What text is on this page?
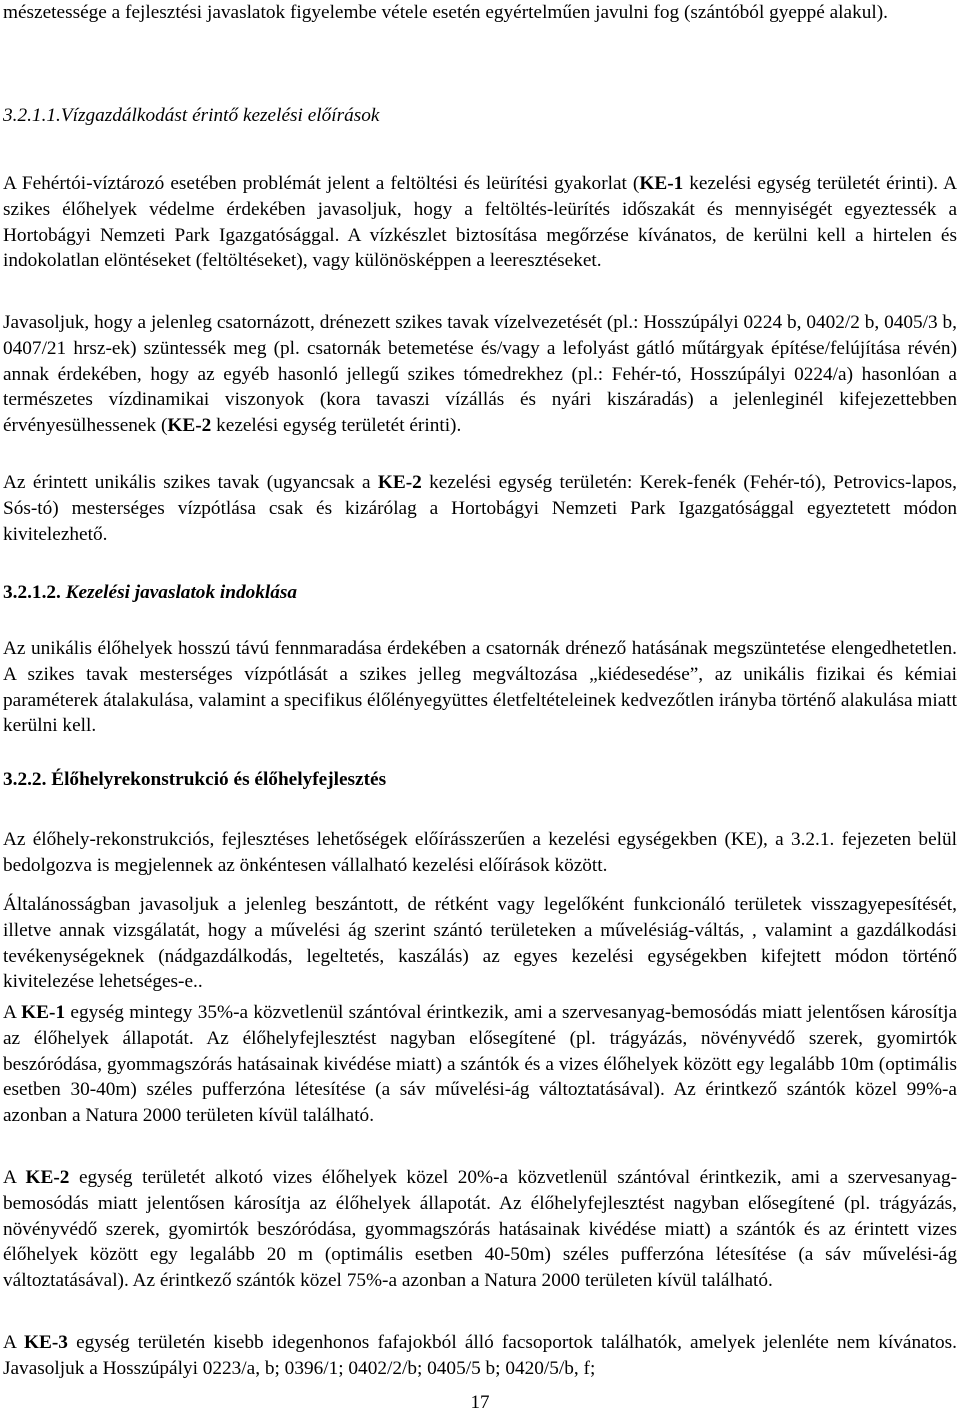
mészetessége a fejlesztési javaslatok figyelembe vétele esetén egyértelműen javulni fog (szántóból gyeppé alakul).

3.2.1.1.Vízgazdálkodást érintő kezelési előírások

A Fehértói-víztározó esetében problémát jelent a feltöltési és leürítési gyakorlat (KE-1 kezelési egység területét érinti). A szikes élőhelyek védelme érdekében javasoljuk, hogy a feltöltés-leürítés időszakát és mennyiségét egyeztessék a Hortobágyi Nemzeti Park Igazgatósággal. A vízkészlet biztosítása megőrzése kívánatos, de kerülni kell a hirtelen és indokolatlan elöntéseket (feltöltéseket), vagy különösképpen a leeresztéseket.

Javasoljuk, hogy a jelenleg csatornázott, drénezett szikes tavak vízelvezetését (pl.: Hosszúpályi 0224 b, 0402/2 b, 0405/3 b, 0407/21 hrsz-ek) szüntessék meg (pl. csatornák betemetése és/vagy a lefolyást gátló műtárgyak építése/felújítása révén) annak érdekében, hogy az egyéb hasonló jellegű szikes tómedrekhez (pl.: Fehér-tó, Hosszúpályi 0224/a) hasonlóan a természetes vízdinamikai viszonyok (kora tavaszi vízállás és nyári kiszáradás) a jelenleginél kifejezettebben érvényesülhessenek (KE-2 kezelési egység területét érinti).

Az érintett unikális szikes tavak (ugyancsak a KE-2 kezelési egység területén: Kerek-fenék (Fehér-tó), Petrovics-lapos, Sós-tó) mesterséges vízpótlása csak és kizárólag a Hortobágyi Nemzeti Park Igazgatósággal egyeztetett módon kivitelezhető.

3.2.1.2. Kezelési javaslatok indoklása

Az unikális élőhelyek hosszú távú fennmaradása érdekében a csatornák drénező hatásának megszüntetése elengedhetetlen. A szikes tavak mesterséges vízpótlását a szikes jelleg megváltozása „kiédesedése”, az unikális fizikai és kémiai paraméterek átalakulása, valamint a specifikus élőlényegyüttes életfeltételeinek kedvezőtlen irányba történő alakulása miatt kerülni kell.

3.2.2. Élőhelyrekonstrukció és élőhelyfejlesztés

Az élőhely-rekonstrukciós, fejlesztéses lehetőségek előírásszerűen a kezelési egységekben (KE), a 3.2.1. fejezeten belül bedolgozva is megjelennek az önkéntesen vállalható kezelési előírások között.

Általánosságban javasoljuk a jelenleg beszántott, de rétként vagy legelőként funkcionáló területek visszagyepesítését, illetve annak vizsgálatát, hogy a művelési ág szerint szántó területeken a művelésiág-váltás, , valamint a gazdálkodási tevékenységeknek (nádgazdálkodás, legeltetés, kaszálás) az egyes kezelési egységekben kifejtett módon történő kivitelezése lehetséges-e..

A KE-1 egység mintegy 35%-a közvetlenül szántóval érintkezik, ami a szervesanyag-bemosódás miatt jelentősen károsítja az élőhelyek állapotát. Az élőhelyfejlesztést nagyban elősegítené (pl. trágyázás, növényvédő szerek, gyomirtók beszóródása, gyommagszórás hatásainak kivédése miatt) a szántók és a vizes élőhelyek között egy legalább 10m (optimális esetben 30-40m) széles pufferzóna létesítése (a sáv művelési-ág változtatásával). Az érintkező szántók közel 99%-a azonban a Natura 2000 területen kívül található.

A KE-2 egység területét alkotó vizes élőhelyek közel 20%-a közvetlenül szántóval érintkezik, ami a szervesanyag-bemosódás miatt jelentősen károsítja az élőhelyek állapotát. Az élőhelyfejlesztést nagyban elősegítené (pl. trágyázás, növényvédő szerek, gyomirtók beszóródása, gyommagszórás hatásainak kivédése miatt) a szántók és az érintett vizes élőhelyek között egy legalább 20 m (optimális esetben 40-50m) széles pufferzóna létesítése (a sáv művelési-ág változtatásával). Az érintkező szántók közel 75%-a azonban a Natura 2000 területen kívül található.

A KE-3 egység területén kisebb idegenhonos fafajokból álló facsoportok találhatók, amelyek jelenléte nem kívánatos. Javasoljuk a Hosszúpályi 0223/a, b; 0396/1; 0402/2/b; 0405/5 b; 0420/5/b, f;

17
